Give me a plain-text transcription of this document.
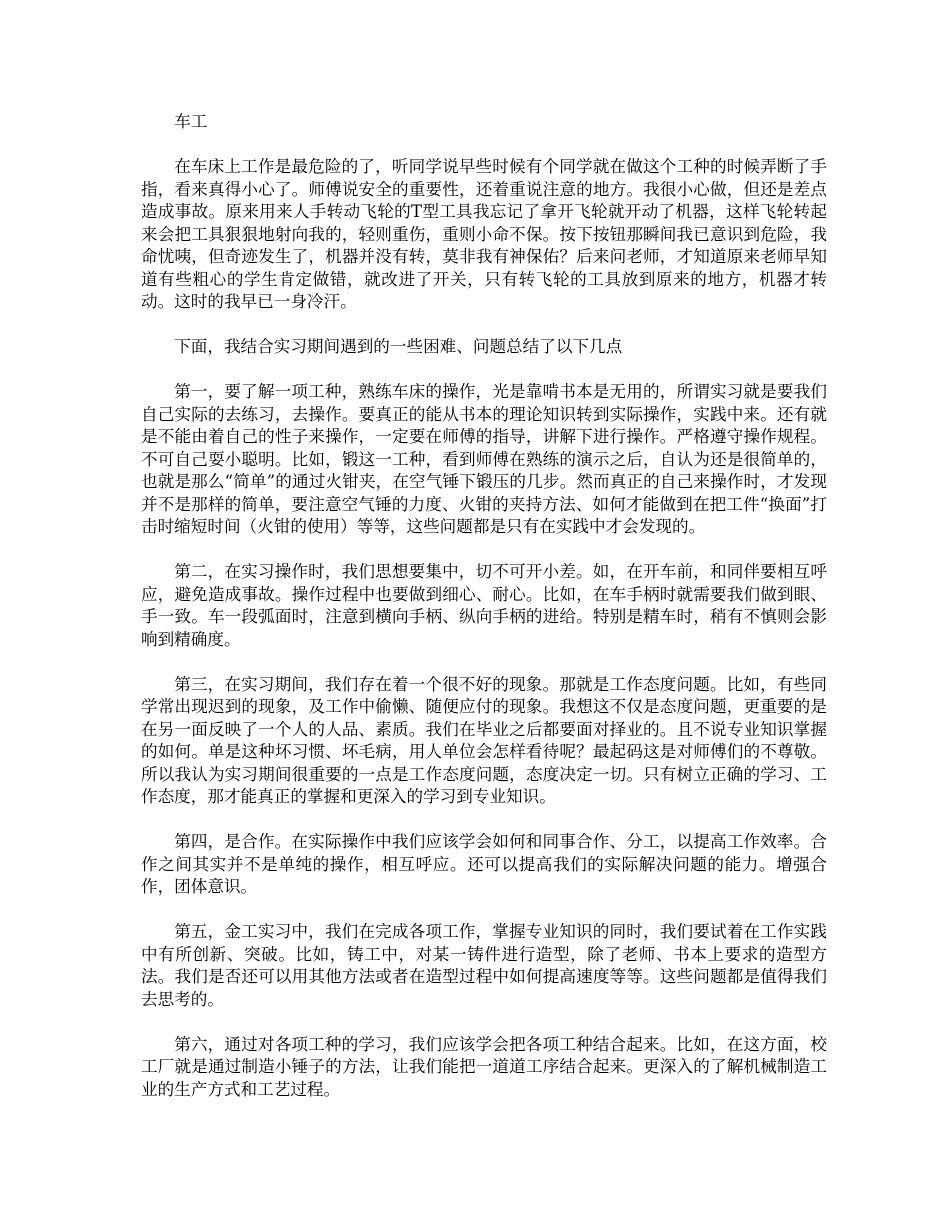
车工

在车床上工作是最危险的了，听同学说早些时候有个同学就在做这个工种的时候弄断了手指，看来真得小心了。师傅说安全的重要性，还着重说注意的地方。我很小心做，但还是差点造成事故。原来用来人手转动飞轮的T型工具我忘记了拿开飞轮就开动了机器，这样飞轮转起来会把工具狠狠地射向我的，轻则重伤，重则小命不保。按下按钮那瞬间我已意识到危险，我命忧咦，但奇迹发生了，机器并没有转，莫非我有神保佑？后来问老师，才知道原来老师早知道有些粗心的学生肯定做错，就改进了开关，只有转飞轮的工具放到原来的地方，机器才转动。这时的我早已一身冷汗。

下面，我结合实习期间遇到的一些困难、问题总结了以下几点

第一，要了解一项工种，熟练车床的操作，光是靠啃书本是无用的，所谓实习就是要我们自己实际的去练习，去操作。要真正的能从书本的理论知识转到实际操作，实践中来。还有就是不能由着自己的性子来操作，一定要在师傅的指导，讲解下进行操作。严格遵守操作规程。不可自己耍小聪明。比如，锻这一工种，看到师傅在熟练的演示之后，自认为还是很简单的，也就是那么“简单”的通过火钳夹，在空气锤下锻压的几步。然而真正的自己来操作时，才发现并不是那样的简单，要注意空气锤的力度、火钳的夹持方法、如何才能做到在把工件“换面”打击时缩短时间（火钳的使用）等等，这些问题都是只有在实践中才会发现的。

第二，在实习操作时，我们思想要集中，切不可开小差。如，在开车前，和同伴要相互呼应，避免造成事故。操作过程中也要做到细心、耐心。比如，在车手柄时就需要我们做到眼、手一致。车一段弧面时，注意到横向手柄、纵向手柄的进给。特别是精车时，稍有不慎则会影响到精确度。

第三，在实习期间，我们存在着一个很不好的现象。那就是工作态度问题。比如，有些同学常出现迟到的现象，及工作中偷懒、随便应付的现象。我想这不仅是态度问题，更重要的是在另一面反映了一个人的人品、素质。我们在毕业之后都要面对择业的。且不说专业知识掌握的如何。单是这种坏习惯、坏毛病，用人单位会怎样看待呢？最起码这是对师傅们的不尊敬。所以我认为实习期间很重要的一点是工作态度问题，态度决定一切。只有树立正确的学习、工作态度，那才能真正的掌握和更深入的学习到专业知识。

第四，是合作。在实际操作中我们应该学会如何和同事合作、分工，以提高工作效率。合作之间其实并不是单纯的操作，相互呼应。还可以提高我们的实际解决问题的能力。增强合作，团体意识。

第五，金工实习中，我们在完成各项工作，掌握专业知识的同时，我们要试着在工作实践中有所创新、突破。比如，铸工中，对某一铸件进行造型，除了老师、书本上要求的造型方法。我们是否还可以用其他方法或者在造型过程中如何提高速度等等。这些问题都是值得我们去思考的。

第六，通过对各项工种的学习，我们应该学会把各项工种结合起来。比如，在这方面，校工厂就是通过制造小锤子的方法，让我们能把一道道工序结合起来。更深入的了解机械制造工业的生产方式和工艺过程。
